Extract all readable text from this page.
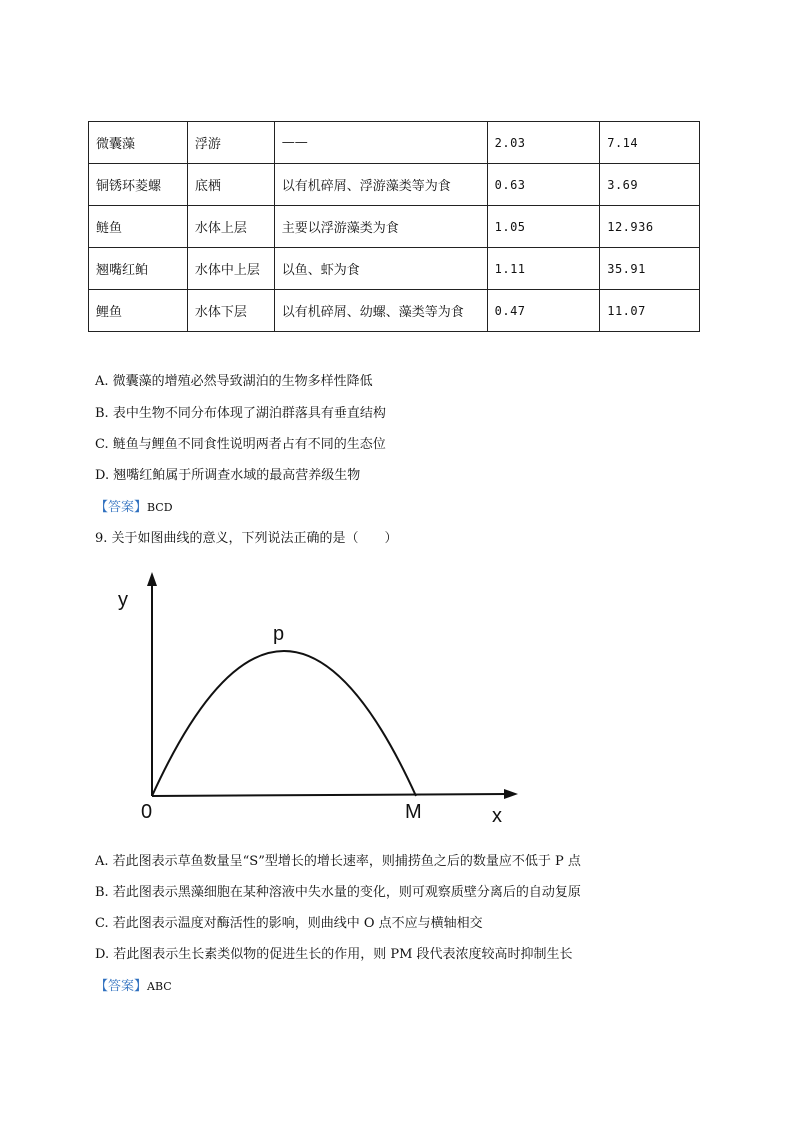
微囊藻	浮游	——	2.03	7.14
铜锈环菱螺	底栖	以有机碎屑、浮游藻类等为食	0.63	3.69
鲢鱼	水体上层	主要以浮游藻类为食	1.05	12.936
翘嘴红鲌	水体中上层	以鱼、虾为食	1.11	35.91
鲤鱼	水体下层	以有机碎屑、幼螺、藻类等为食	0.47	11.07
A. 微囊藻的增殖必然导致湖泊的生物多样性降低
B. 表中生物不同分布体现了湖泊群落具有垂直结构
C. 鲢鱼与鲤鱼不同食性说明两者占有不同的生态位
D. 翘嘴红鲌属于所调查水域的最高营养级生物
【答案】BCD
9. 关于如图曲线的意义，下列说法正确的是（　　）
y
p
0	M	x
A. 若此图表示草鱼数量呈“S”型增长的增长速率，则捕捞鱼之后的数量应不低于 P 点
B. 若此图表示黑藻细胞在某种溶液中失水量的变化，则可观察质壁分离后的自动复原
C. 若此图表示温度对酶活性的影响，则曲线中 O 点不应与横轴相交
D. 若此图表示生长素类似物的促进生长的作用，则 PM 段代表浓度较高时抑制生长
【答案】ABC
